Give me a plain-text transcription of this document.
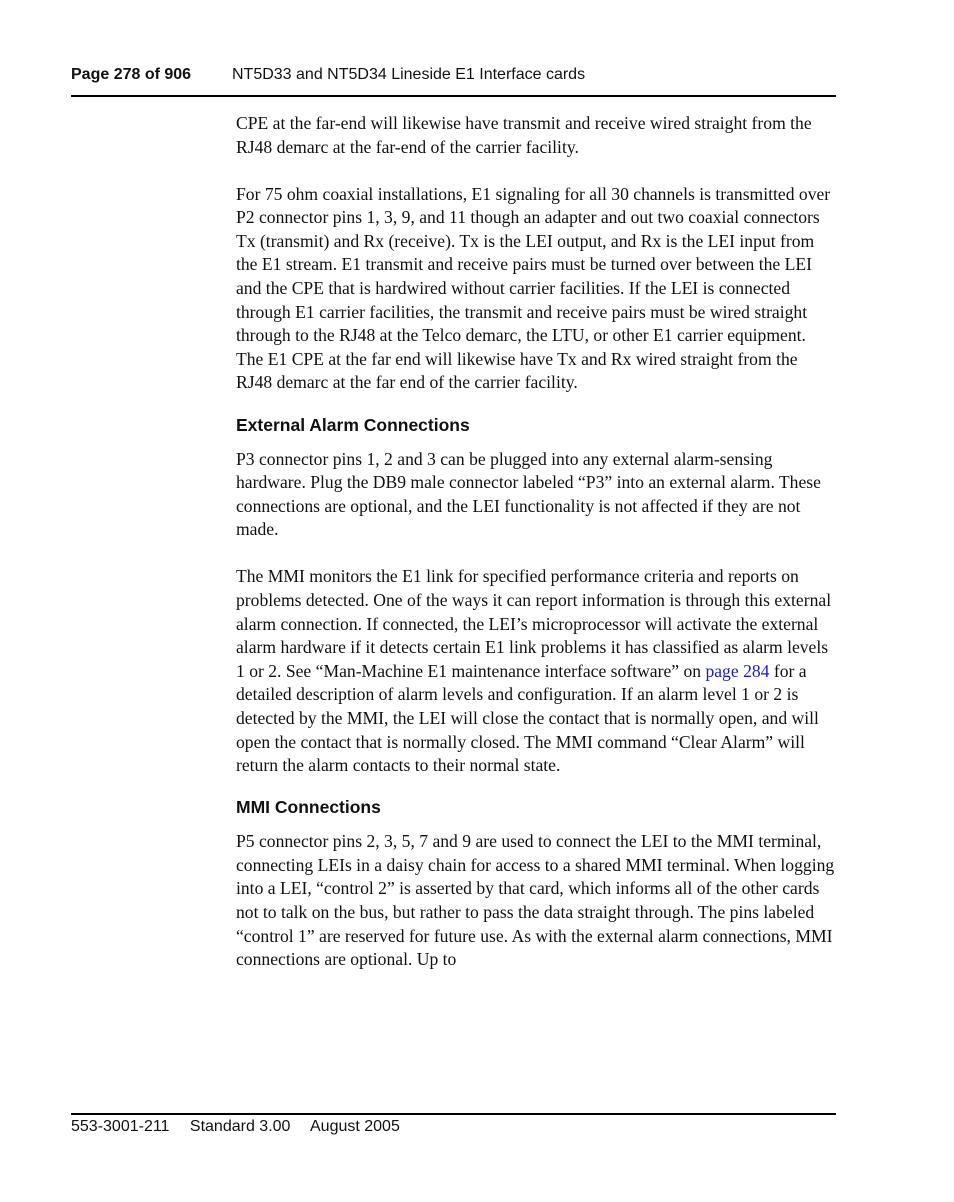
Page 278 of 906	NT5D33 and NT5D34 Lineside E1 Interface cards

CPE at the far-end will likewise have transmit and receive wired straight from the RJ48 demarc at the far-end of the carrier facility.

For 75 ohm coaxial installations, E1 signaling for all 30 channels is transmitted over P2 connector pins 1, 3, 9, and 11 though an adapter and out two coaxial connectors Tx (transmit) and Rx (receive). Tx is the LEI output, and Rx is the LEI input from the E1 stream. E1 transmit and receive pairs must be turned over between the LEI and the CPE that is hardwired without carrier facilities. If the LEI is connected through E1 carrier facilities, the transmit and receive pairs must be wired straight through to the RJ48 at the Telco demarc, the LTU, or other E1 carrier equipment. The E1 CPE at the far end will likewise have Tx and Rx wired straight from the RJ48 demarc at the far end of the carrier facility.

External Alarm Connections

P3 connector pins 1, 2 and 3 can be plugged into any external alarm-sensing hardware. Plug the DB9 male connector labeled “P3” into an external alarm. These connections are optional, and the LEI functionality is not affected if they are not made.

The MMI monitors the E1 link for specified performance criteria and reports on problems detected. One of the ways it can report information is through this external alarm connection. If connected, the LEI’s microprocessor will activate the external alarm hardware if it detects certain E1 link problems it has classified as alarm levels 1 or 2. See “Man-Machine E1 maintenance interface software” on page 284 for a detailed description of alarm levels and configuration. If an alarm level 1 or 2 is detected by the MMI, the LEI will close the contact that is normally open, and will open the contact that is normally closed. The MMI command “Clear Alarm” will return the alarm contacts to their normal state.

MMI Connections

P5 connector pins 2, 3, 5, 7 and 9 are used to connect the LEI to the MMI terminal, connecting LEIs in a daisy chain for access to a shared MMI terminal. When logging into a LEI, “control 2” is asserted by that card, which informs all of the other cards not to talk on the bus, but rather to pass the data straight through. The pins labeled “control 1” are reserved for future use. As with the external alarm connections, MMI connections are optional. Up to

553-3001-211 Standard 3.00 August 2005
